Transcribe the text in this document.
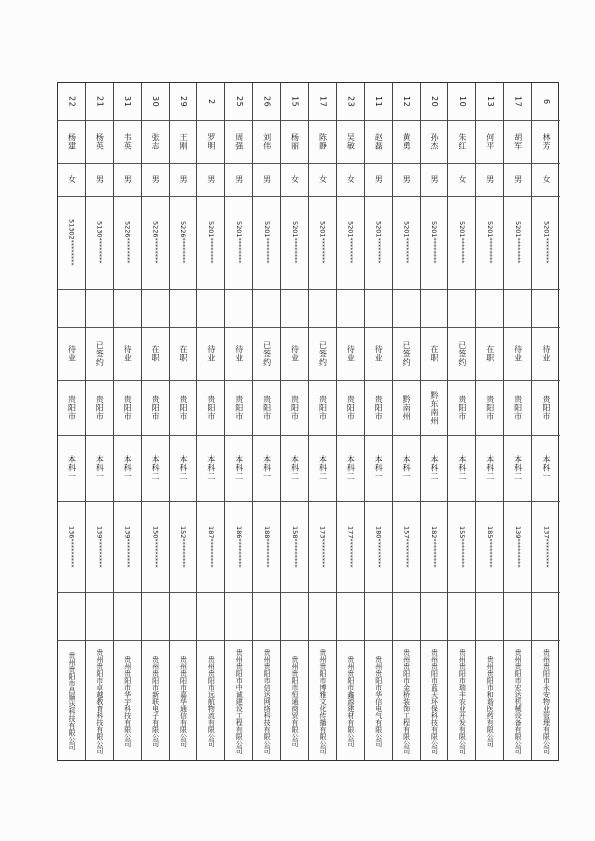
22
杨建
女
51302********
待业
贵阳市
本科一
136*********
贵州贵阳市昌顺达科技有限公司
21
杨英
男
5130********
已签约
贵阳市
本科一
139*********
贵州贵阳市卓越教育科技有限公司
31
韦英
男
5226********
待业
贵阳市
本科一
139*********
贵州贵阳市华宇科技有限公司
30
张志
男
5226********
在职
贵阳市
本科二
150*********
贵州贵阳市新联电子有限公司
29
王刚
男
5226********
在职
贵阳市
本科二
152*********
贵州贵阳市嘉华通信有限公司
2
罗明
男
5201********
待业
贵阳市
本科二
187*********
贵州贵阳市远航物流有限公司
25
周强
男
5201********
待业
贵阳市
本科二
186*********
贵州贵阳市中诚建设工程有限公司
26
刘伟
男
5201********
已签约
贵阳市
本科一
188*********
贵州贵阳市信达网络科技有限公司
15
杨丽
女
5201********
待业
贵阳市
本科二
158*********
贵州贵阳市恒通商贸有限公司
17
陈静
女
5201********
已签约
贵阳市
本科二
173*********
贵州贵阳市博雅文化传播有限公司
23
吴敏
女
5201********
待业
贵阳市
本科二
177*********
贵州贵阳市鑫源建材有限公司
11
赵磊
男
5201********
待业
贵阳市
本科一
180*********
贵州贵阳市华信电气有限公司
12
黄勇
男
5201********
已签约
黔南州
本科一
157*********
贵州贵阳市金桥装饰工程有限公司
20
孙杰
男
5201********
在职
黔东南州
本科二
182*********
贵州贵阳市蓝天环保科技有限公司
10
朱红
女
5201********
已签约
贵阳市
本科二
155*********
贵州贵阳市瑞丰农业开发有限公司
13
何平
男
5201********
在职
贵阳市
本科二
185*********
贵州贵阳市和谐医药有限公司
17
胡军
男
5201********
待业
贵阳市
本科二
139*********
贵州贵阳市宏达机械设备有限公司
6
林芳
女
5201********
待业
贵阳市
本科一
137*********
贵州贵阳市永安物业管理有限公司
